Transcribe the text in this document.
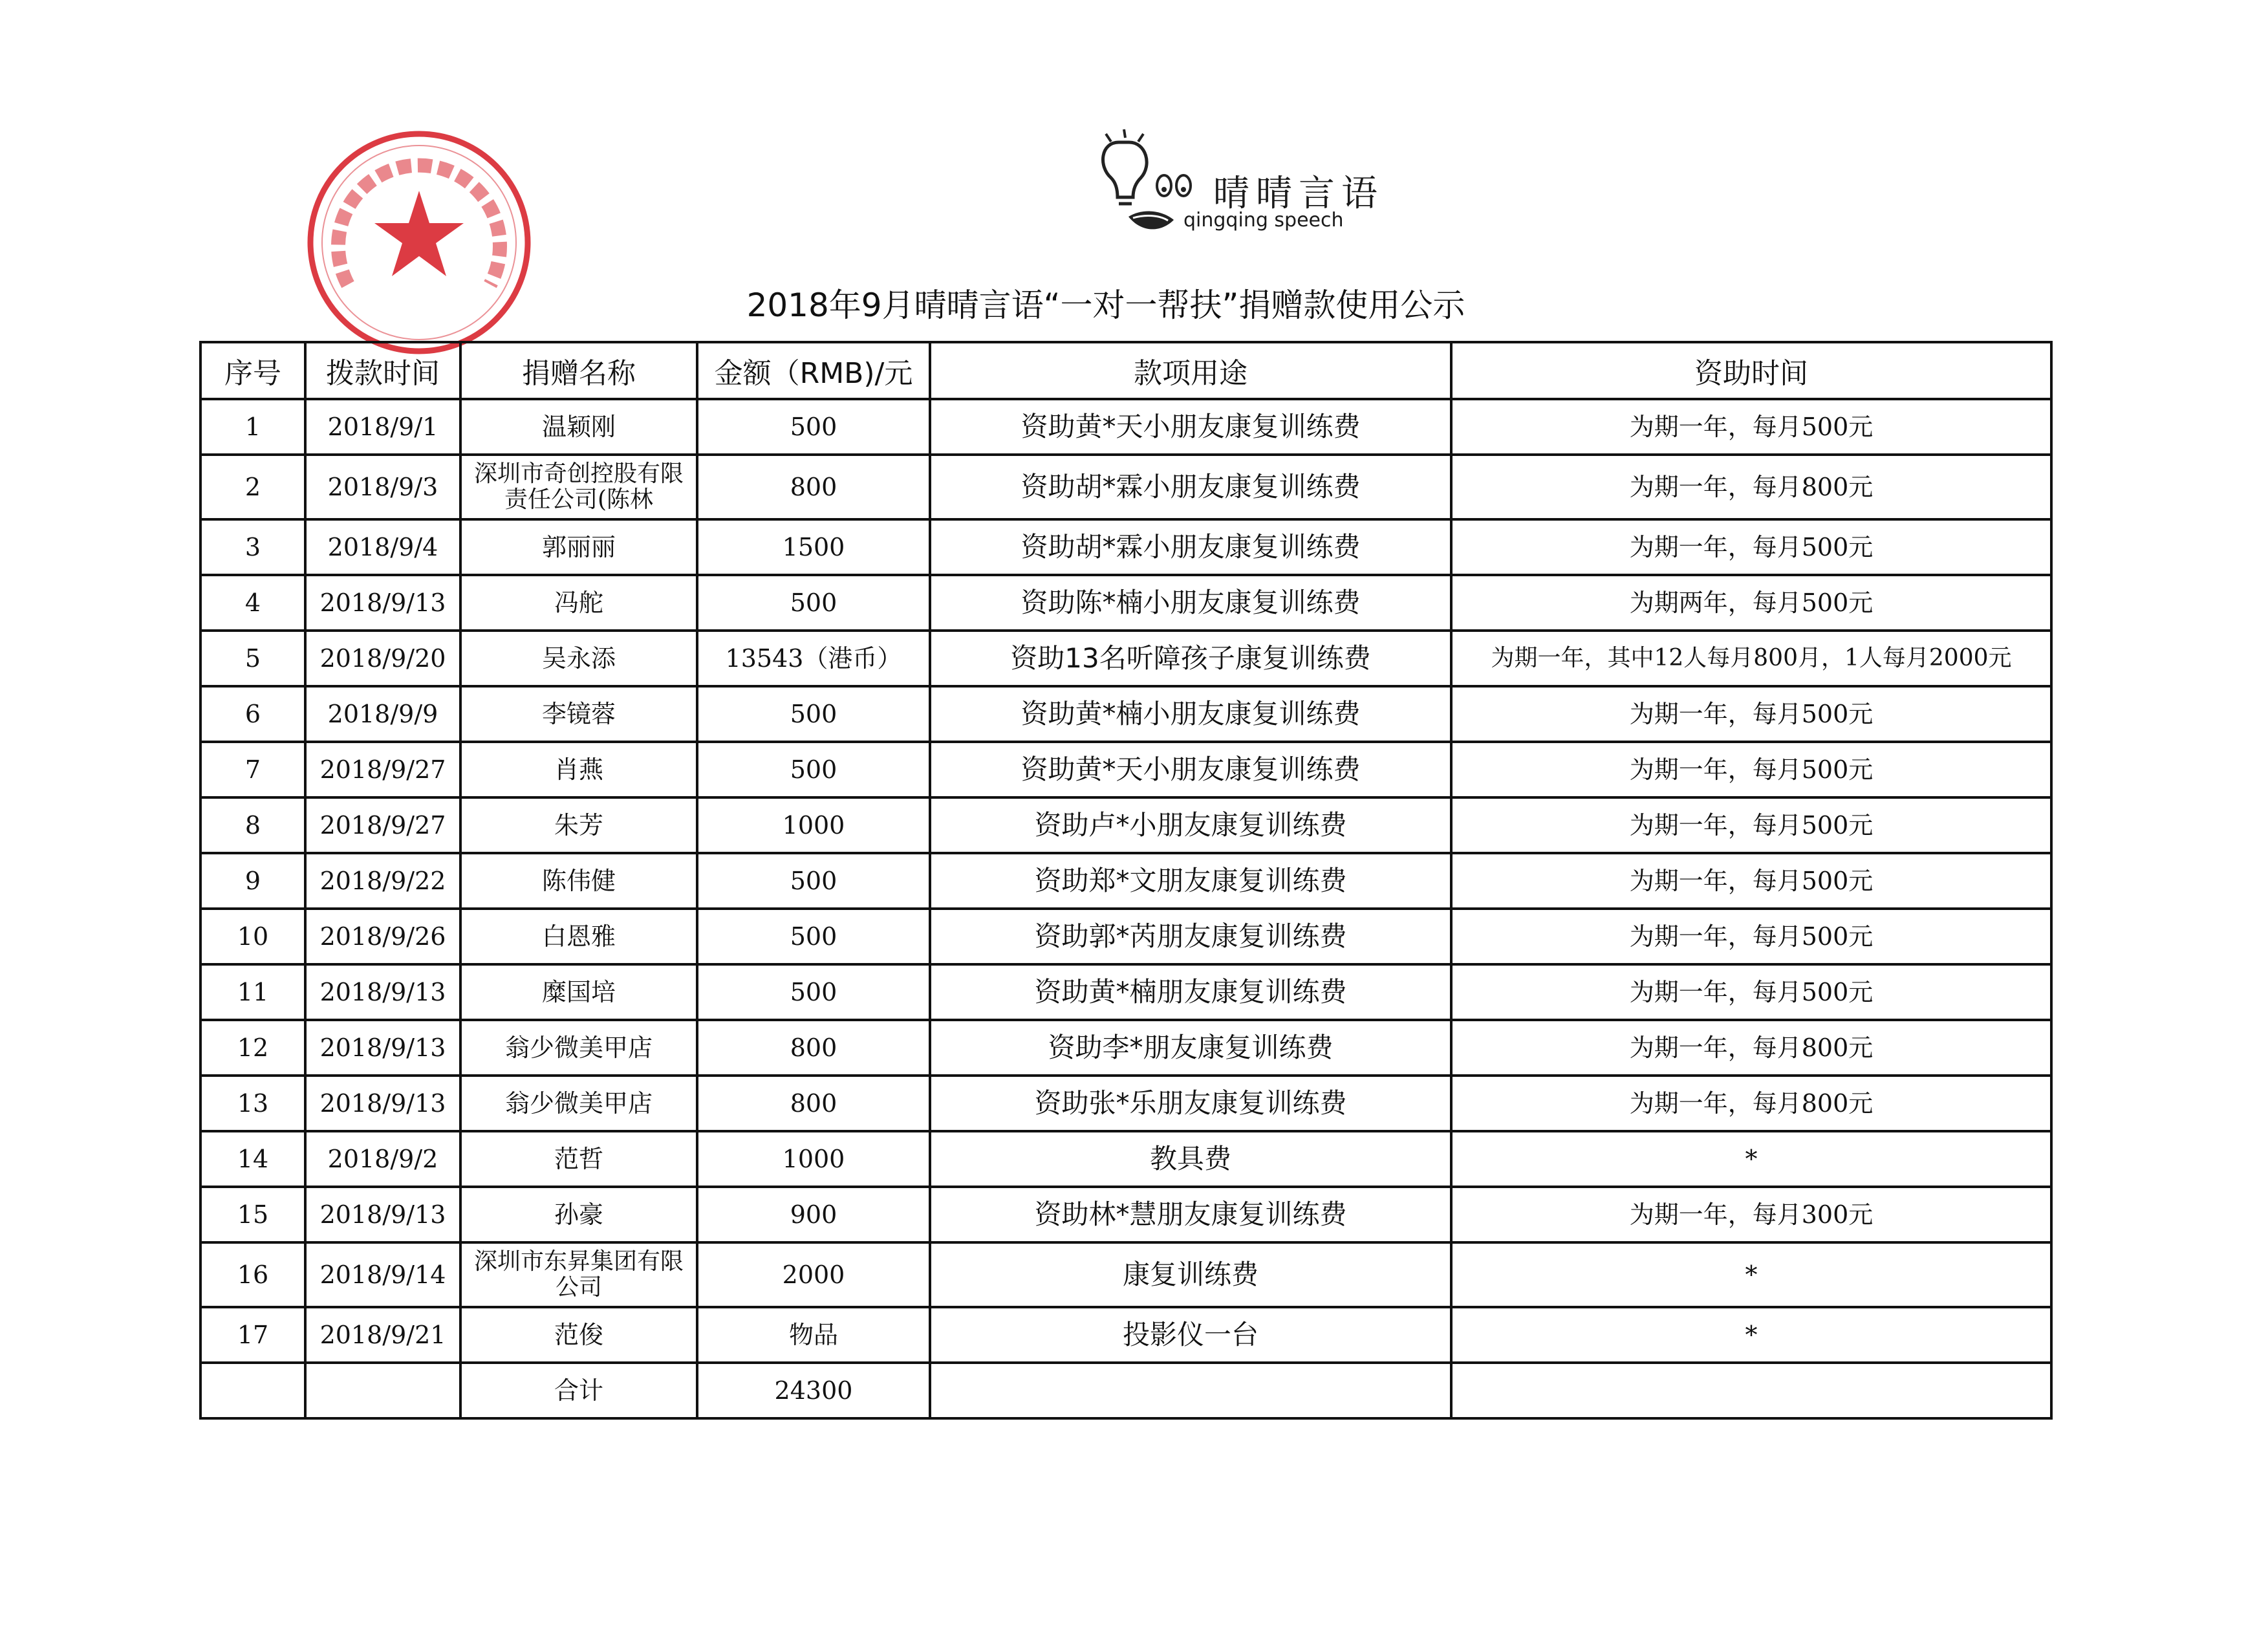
晴晴言语
qingqing speech
2018年9月晴晴言语“一对一帮扶”捐赠款使用公示
序号	拨款时间	捐赠名称	金额（RMB)/元	款项用途	资助时间
1	2018/9/1	温颖刚	500	资助黄*天小朋友康复训练费	为期一年，每月500元
2	2018/9/3	深圳市奇创控股有限责任公司(陈林	800	资助胡*霖小朋友康复训练费	为期一年，每月800元
3	2018/9/4	郭丽丽	1500	资助胡*霖小朋友康复训练费	为期一年，每月500元
4	2018/9/13	冯舵	500	资助陈*楠小朋友康复训练费	为期两年，每月500元
5	2018/9/20	吴永添	13543（港币）	资助13名听障孩子康复训练费	为期一年，其中12人每月800月，1人每月2000元
6	2018/9/9	李镜蓉	500	资助黄*楠小朋友康复训练费	为期一年，每月500元
7	2018/9/27	肖燕	500	资助黄*天小朋友康复训练费	为期一年，每月500元
8	2018/9/27	朱芳	1000	资助卢*小朋友康复训练费	为期一年，每月500元
9	2018/9/22	陈伟健	500	资助郑*文朋友康复训练费	为期一年，每月500元
10	2018/9/26	白恩雅	500	资助郭*芮朋友康复训练费	为期一年，每月500元
11	2018/9/13	糜国培	500	资助黄*楠朋友康复训练费	为期一年，每月500元
12	2018/9/13	翁少微美甲店	800	资助李*朋友康复训练费	为期一年，每月800元
13	2018/9/13	翁少微美甲店	800	资助张*乐朋友康复训练费	为期一年，每月800元
14	2018/9/2	范哲	1000	教具费	*
15	2018/9/13	孙豪	900	资助林*慧朋友康复训练费	为期一年，每月300元
16	2018/9/14	深圳市东昇集团有限公司	2000	康复训练费	*
17	2018/9/21	范俊	物品	投影仪一台	*
		合计	24300		
